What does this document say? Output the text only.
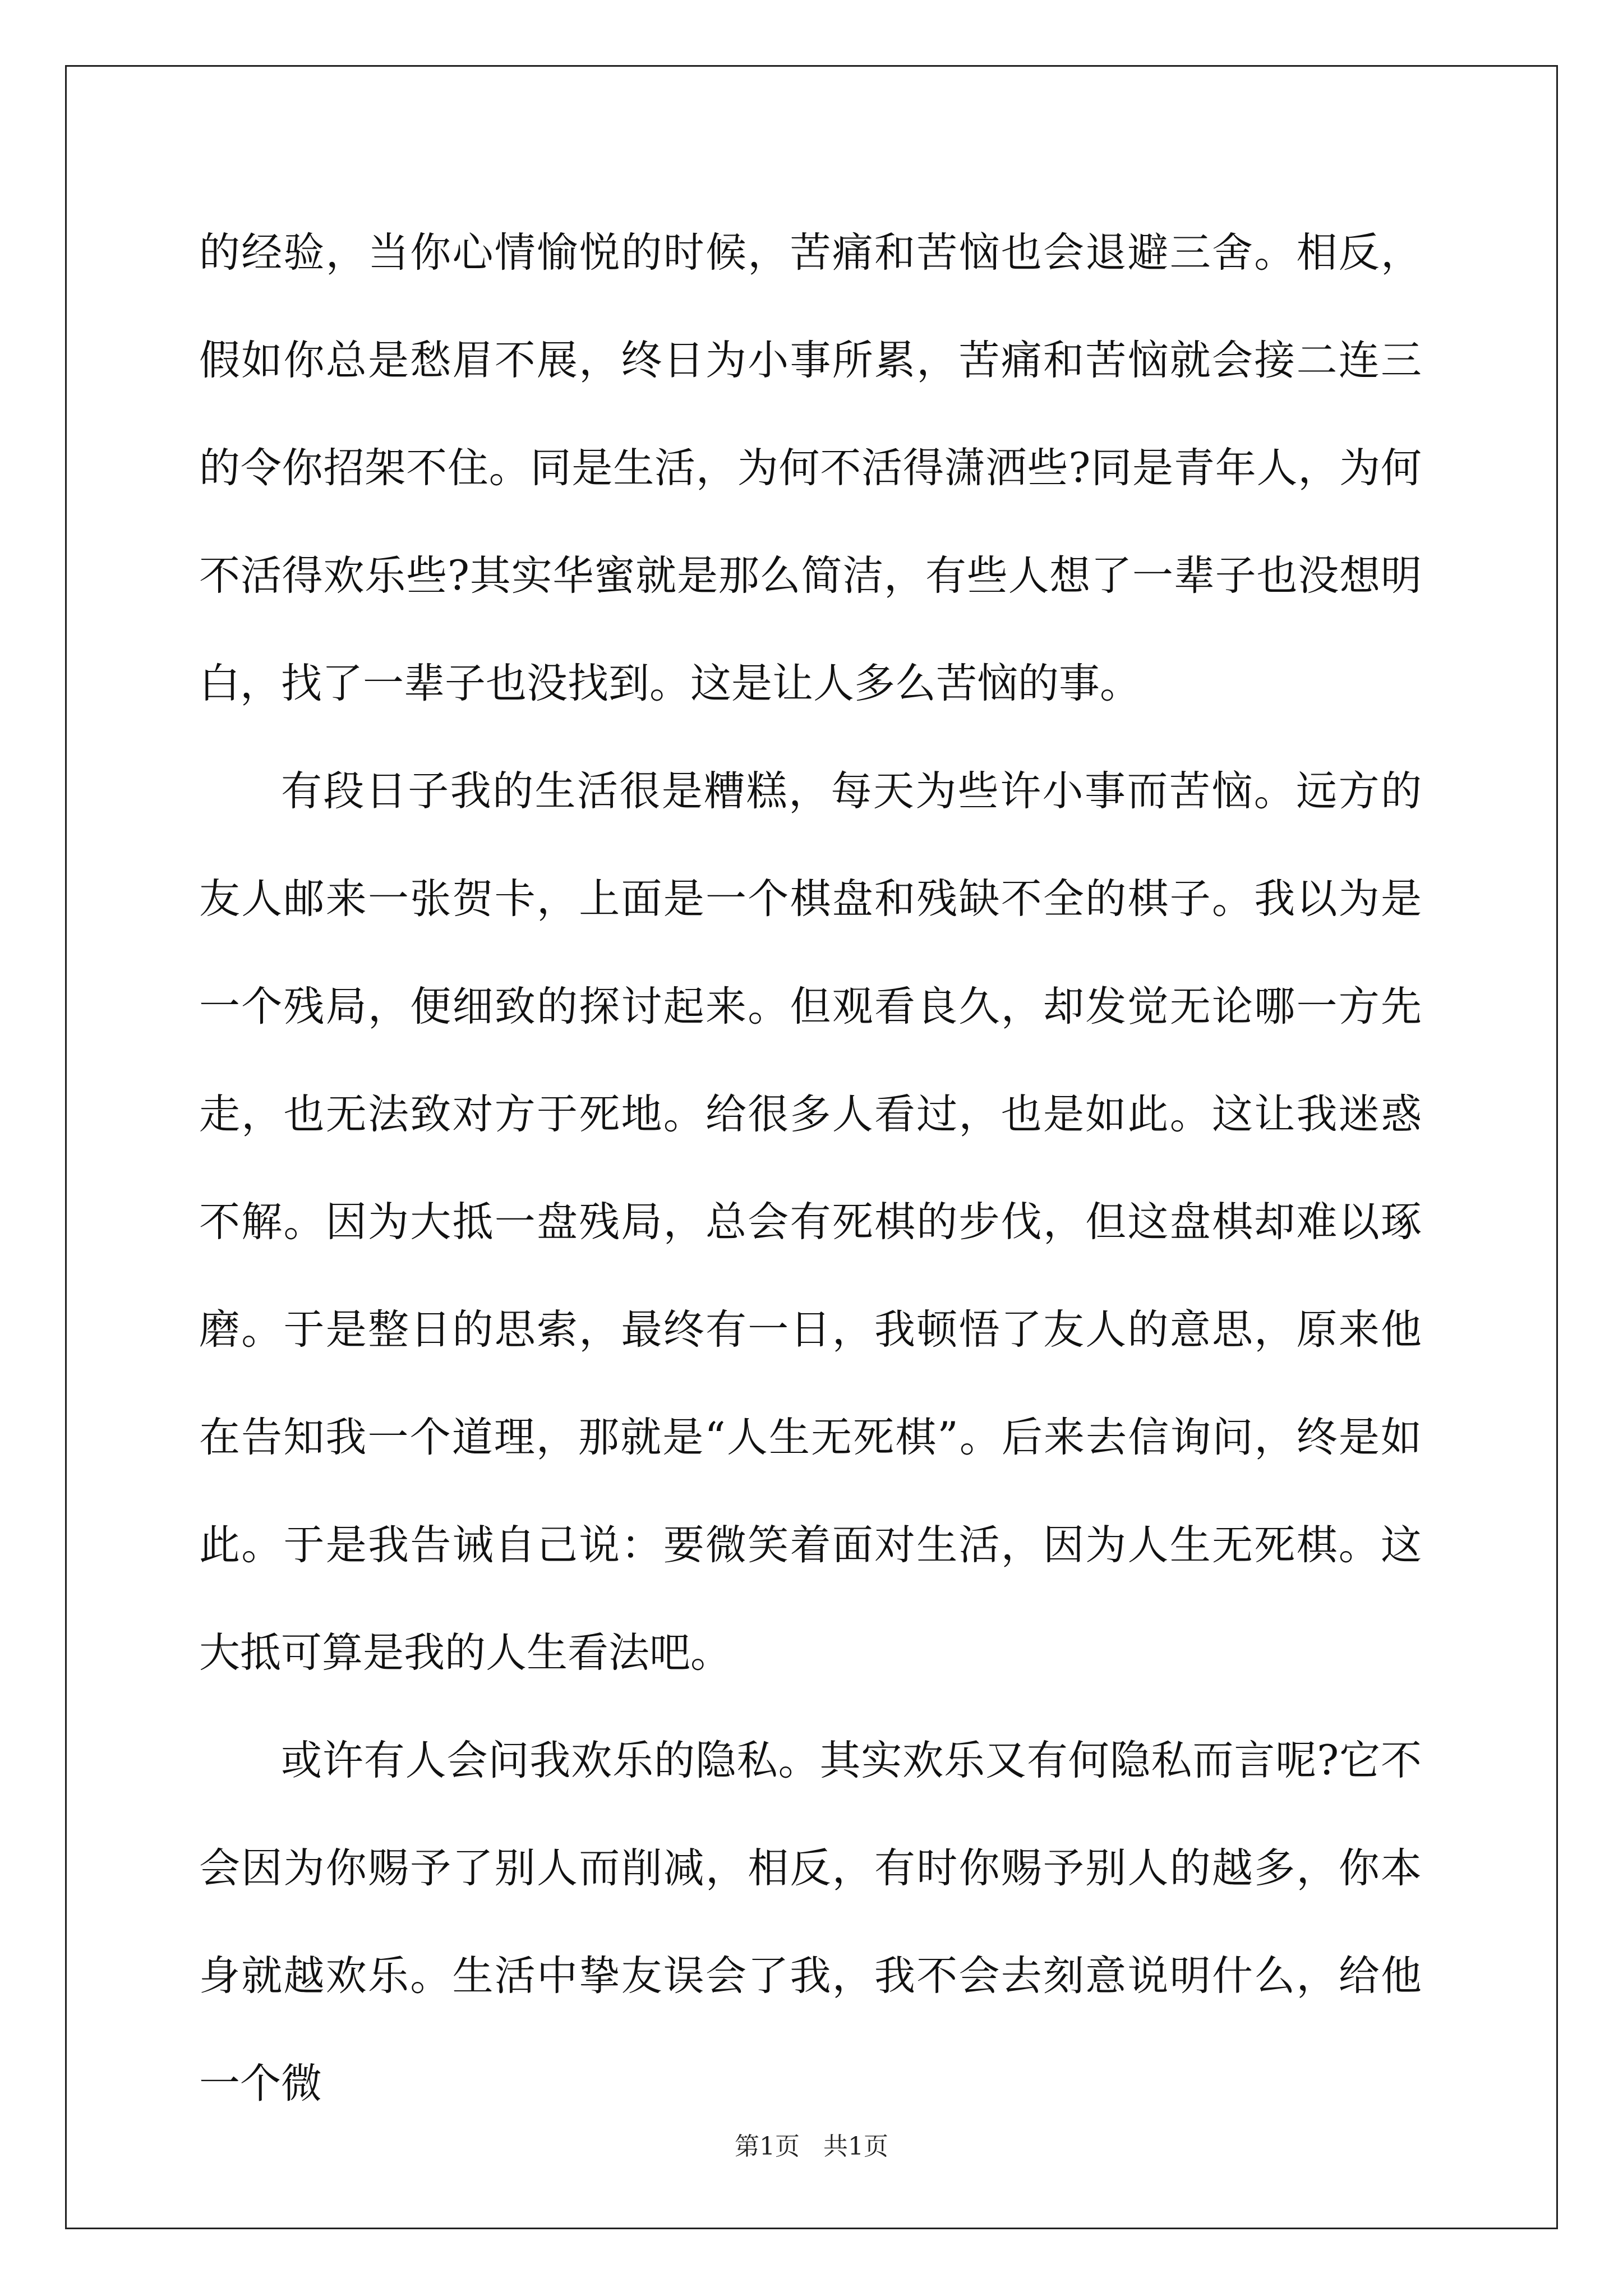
的经验，当你心情愉悦的时候，苦痛和苦恼也会退避三舍。相反，假如你总是愁眉不展，终日为小事所累，苦痛和苦恼就会接二连三的令你招架不住。同是生活，为何不活得潇洒些?同是青年人，为何不活得欢乐些?其实华蜜就是那么简洁，有些人想了一辈子也没想明白，找了一辈子也没找到。这是让人多么苦恼的事。

有段日子我的生活很是糟糕，每天为些许小事而苦恼。远方的友人邮来一张贺卡，上面是一个棋盘和残缺不全的棋子。我以为是一个残局，便细致的探讨起来。但观看良久，却发觉无论哪一方先走，也无法致对方于死地。给很多人看过，也是如此。这让我迷惑不解。因为大抵一盘残局，总会有死棋的步伐，但这盘棋却难以琢磨。于是整日的思索，最终有一日，我顿悟了友人的意思，原来他在告知我一个道理，那就是“人生无死棋”。后来去信询问，终是如此。于是我告诫自己说：要微笑着面对生活，因为人生无死棋。这大抵可算是我的人生看法吧。

或许有人会问我欢乐的隐私。其实欢乐又有何隐私而言呢?它不会因为你赐予了别人而削减，相反，有时你赐予别人的越多，你本身就越欢乐。生活中挚友误会了我，我不会去刻意说明什么，给他一个微

第1页   共1页
